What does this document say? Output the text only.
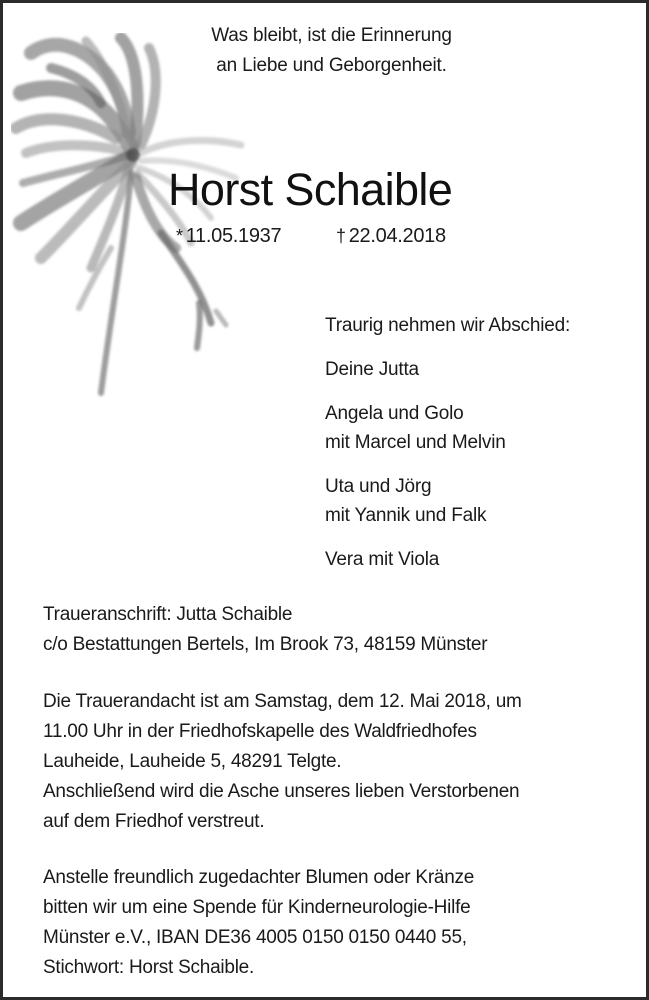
Was bleibt, ist die Erinnerung
an Liebe und Geborgenheit.
Horst Schaible
* 11.05.1937	† 22.04.2018
Traurig nehmen wir Abschied:
Deine Jutta
Angela und Golo
mit Marcel und Melvin
Uta und Jörg
mit Yannik und Falk
Vera mit Viola
Traueranschrift: Jutta Schaible
c/o Bestattungen Bertels, Im Brook 73, 48159 Münster
Die Trauerandacht ist am Samstag, dem 12. Mai 2018, um
11.00 Uhr in der Friedhofskapelle des Waldfriedhofes
Lauheide, Lauheide 5, 48291 Telgte.
Anschließend wird die Asche unseres lieben Verstorbenen
auf dem Friedhof verstreut.
Anstelle freundlich zugedachter Blumen oder Kränze
bitten wir um eine Spende für Kinderneurologie-Hilfe
Münster e.V., IBAN DE36 4005 0150 0150 0440 55,
Stichwort: Horst Schaible.
